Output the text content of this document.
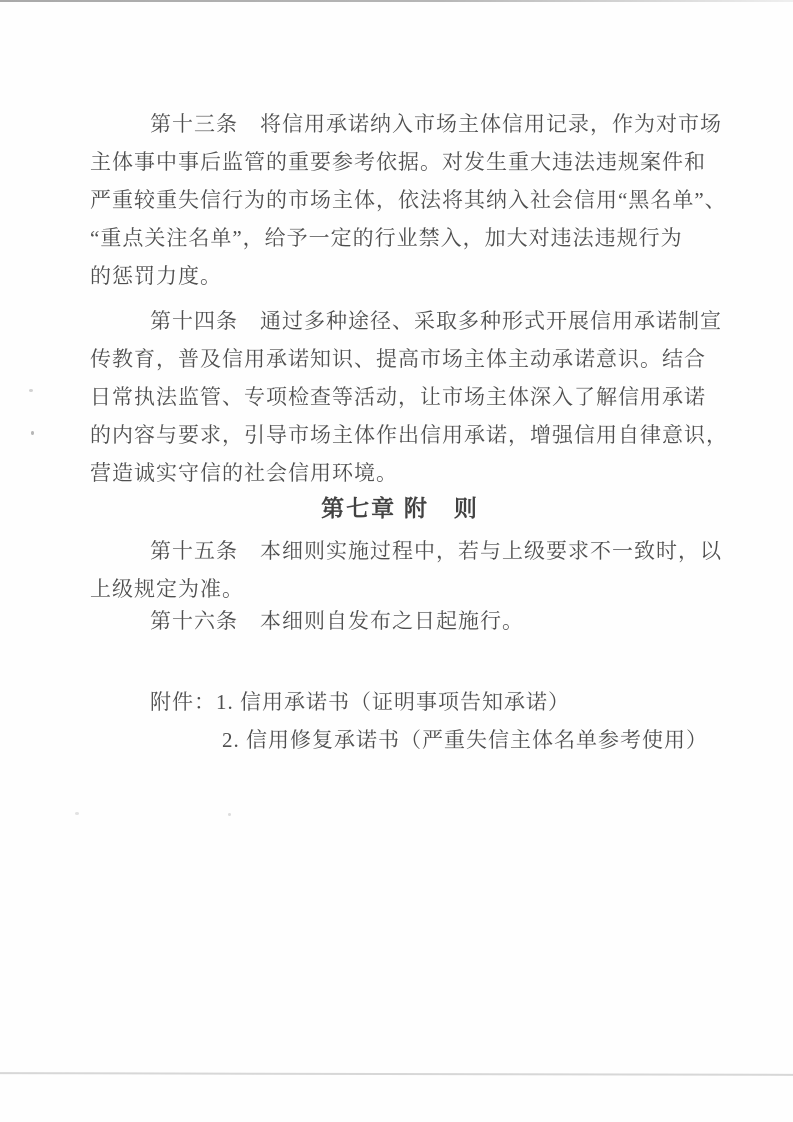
第十三条　将信用承诺纳入市场主体信用记录，作为对市场
主体事中事后监管的重要参考依据。对发生重大违法违规案件和
严重较重失信行为的市场主体，依法将其纳入社会信用“黑名单”、
“重点关注名单”，给予一定的行业禁入，加大对违法违规行为
的惩罚力度。
第十四条　通过多种途径、采取多种形式开展信用承诺制宣
传教育，普及信用承诺知识、提高市场主体主动承诺意识。结合
日常执法监管、专项检查等活动，让市场主体深入了解信用承诺
的内容与要求，引导市场主体作出信用承诺，增强信用自律意识，
营造诚实守信的社会信用环境。
第七章 附　则
第十五条　本细则实施过程中，若与上级要求不一致时，以
上级规定为准。
第十六条　本细则自发布之日起施行。
附件：1. 信用承诺书（证明事项告知承诺）
2. 信用修复承诺书（严重失信主体名单参考使用）
